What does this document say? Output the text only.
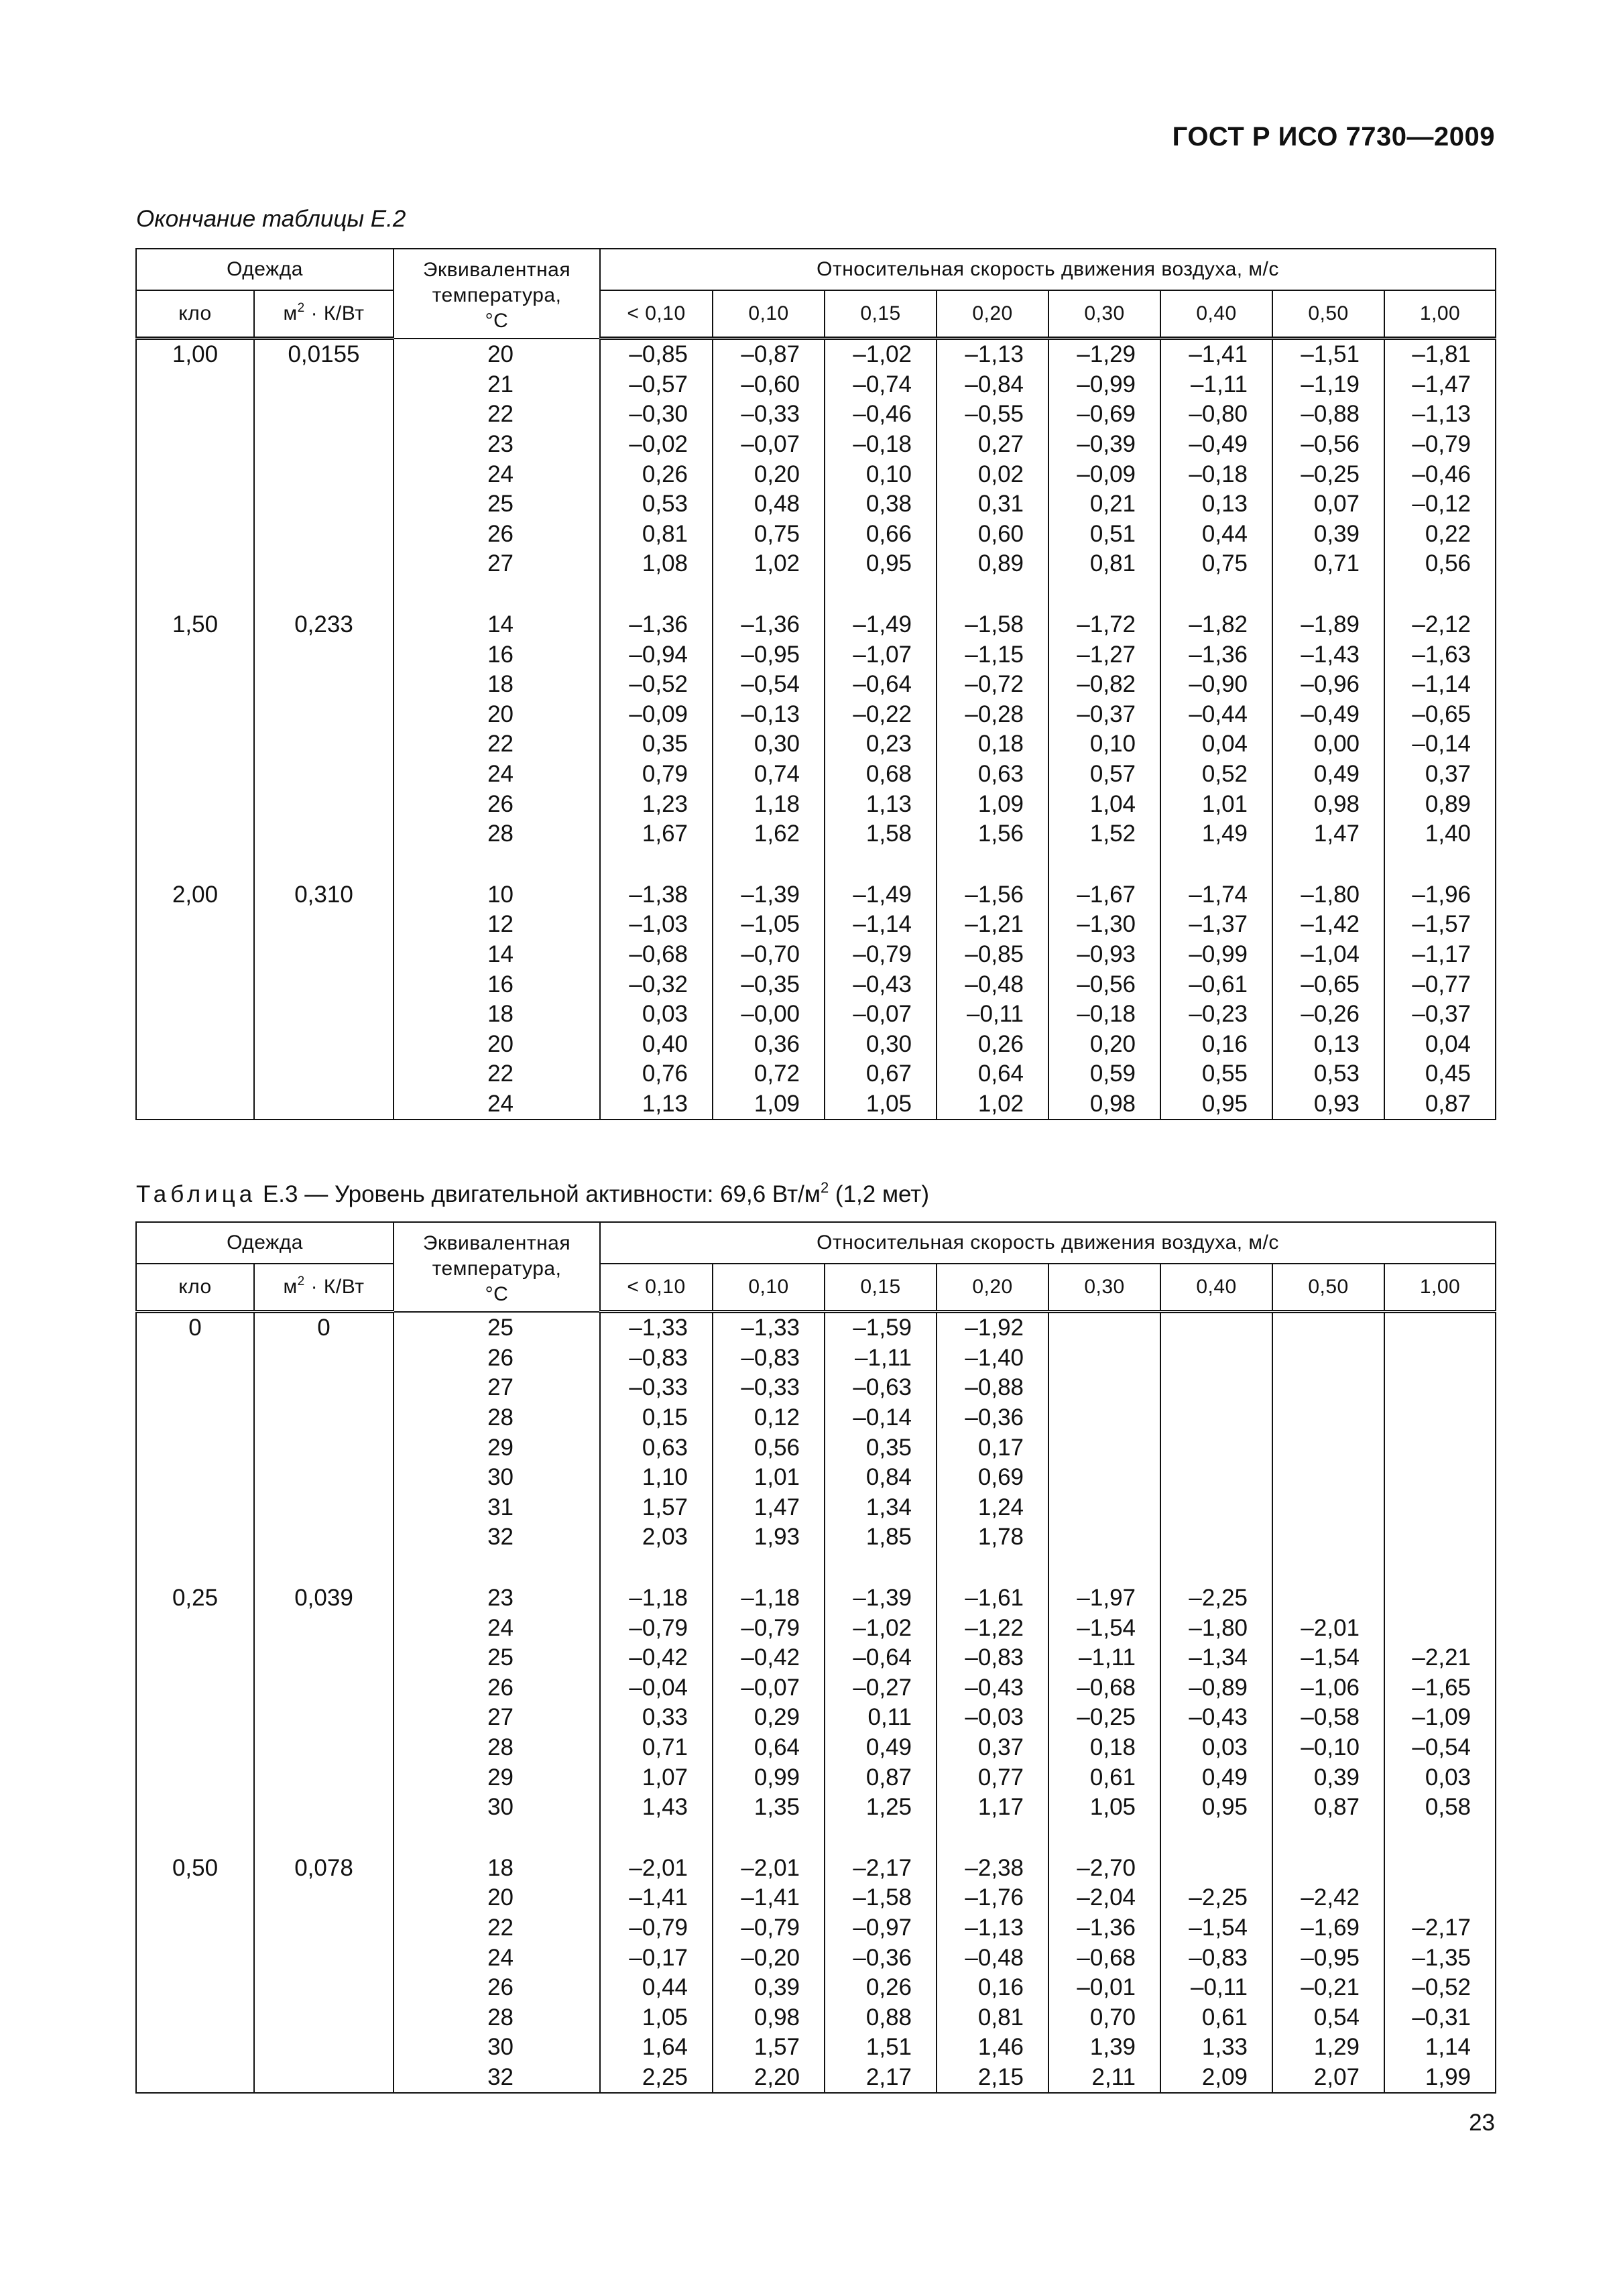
ГОСТ Р ИСО 7730—2009
Окончание таблицы Е.2
Одежда		Эквивалентная
температура,
°С	Относительная скорость движения воздуха, м/с							
кло	$м^2 \cdot К/Вт$		< 0,10	0,10	0,15	0,20	0,30	0,40	0,50	1,00
1,00	0,0155	20	–0,85	–0,87	–1,02	–1,13	–1,29	–1,41	–1,51	–1,81
		21	–0,57	–0,60	–0,74	–0,84	–0,99	–1,11	–1,19	–1,47
		22	–0,30	–0,33	–0,46	–0,55	–0,69	–0,80	–0,88	–1,13
		23	–0,02	–0,07	–0,18	0,27	–0,39	–0,49	–0,56	–0,79
		24	0,26	0,20	0,10	0,02	–0,09	–0,18	–0,25	–0,46
		25	0,53	0,48	0,38	0,31	0,21	0,13	0,07	–0,12
		26	0,81	0,75	0,66	0,60	0,51	0,44	0,39	0,22
		27	1,08	1,02	0,95	0,89	0,81	0,75	0,71	0,56

1,50	0,233	14	–1,36	–1,36	–1,49	–1,58	–1,72	–1,82	–1,89	–2,12
		16	–0,94	–0,95	–1,07	–1,15	–1,27	–1,36	–1,43	–1,63
		18	–0,52	–0,54	–0,64	–0,72	–0,82	–0,90	–0,96	–1,14
		20	–0,09	–0,13	–0,22	–0,28	–0,37	–0,44	–0,49	–0,65
		22	0,35	0,30	0,23	0,18	0,10	0,04	0,00	–0,14
		24	0,79	0,74	0,68	0,63	0,57	0,52	0,49	0,37
		26	1,23	1,18	1,13	1,09	1,04	1,01	0,98	0,89
		28	1,67	1,62	1,58	1,56	1,52	1,49	1,47	1,40

2,00	0,310	10	–1,38	–1,39	–1,49	–1,56	–1,67	–1,74	–1,80	–1,96
		12	–1,03	–1,05	–1,14	–1,21	–1,30	–1,37	–1,42	–1,57
		14	–0,68	–0,70	–0,79	–0,85	–0,93	–0,99	–1,04	–1,17
		16	–0,32	–0,35	–0,43	–0,48	–0,56	–0,61	–0,65	–0,77
		18	0,03	–0,00	–0,07	–0,11	–0,18	–0,23	–0,26	–0,37
		20	0,40	0,36	0,30	0,26	0,20	0,16	0,13	0,04
		22	0,76	0,72	0,67	0,64	0,59	0,55	0,53	0,45
		24	1,13	1,09	1,05	1,02	0,98	0,95	0,93	0,87
Таблица Е.3 — Уровень двигательной активности: 69,6 $Вт/м^2$ (1,2 мет)
Одежда		Эквивалентная
температура,
°С	Относительная скорость движения воздуха, м/с							
кло	$м^2 \cdot К/Вт$		< 0,10	0,10	0,15	0,20	0,30	0,40	0,50	1,00
0	0	25	–1,33	–1,33	–1,59	–1,92				
		26	–0,83	–0,83	–1,11	–1,40				
		27	–0,33	–0,33	–0,63	–0,88				
		28	0,15	0,12	–0,14	–0,36				
		29	0,63	0,56	0,35	0,17				
		30	1,10	1,01	0,84	0,69				
		31	1,57	1,47	1,34	1,24				
		32	2,03	1,93	1,85	1,78				

0,25	0,039	23	–1,18	–1,18	–1,39	–1,61	–1,97	–2,25		
		24	–0,79	–0,79	–1,02	–1,22	–1,54	–1,80	–2,01	
		25	–0,42	–0,42	–0,64	–0,83	–1,11	–1,34	–1,54	–2,21
		26	–0,04	–0,07	–0,27	–0,43	–0,68	–0,89	–1,06	–1,65
		27	0,33	0,29	0,11	–0,03	–0,25	–0,43	–0,58	–1,09
		28	0,71	0,64	0,49	0,37	0,18	0,03	–0,10	–0,54
		29	1,07	0,99	0,87	0,77	0,61	0,49	0,39	0,03
		30	1,43	1,35	1,25	1,17	1,05	0,95	0,87	0,58

0,50	0,078	18	–2,01	–2,01	–2,17	–2,38	–2,70			
		20	–1,41	–1,41	–1,58	–1,76	–2,04	–2,25	–2,42	
		22	–0,79	–0,79	–0,97	–1,13	–1,36	–1,54	–1,69	–2,17
		24	–0,17	–0,20	–0,36	–0,48	–0,68	–0,83	–0,95	–1,35
		26	0,44	0,39	0,26	0,16	–0,01	–0,11	–0,21	–0,52
		28	1,05	0,98	0,88	0,81	0,70	0,61	0,54	–0,31
		30	1,64	1,57	1,51	1,46	1,39	1,33	1,29	1,14
		32	2,25	2,20	2,17	2,15	2,11	2,09	2,07	1,99
23
